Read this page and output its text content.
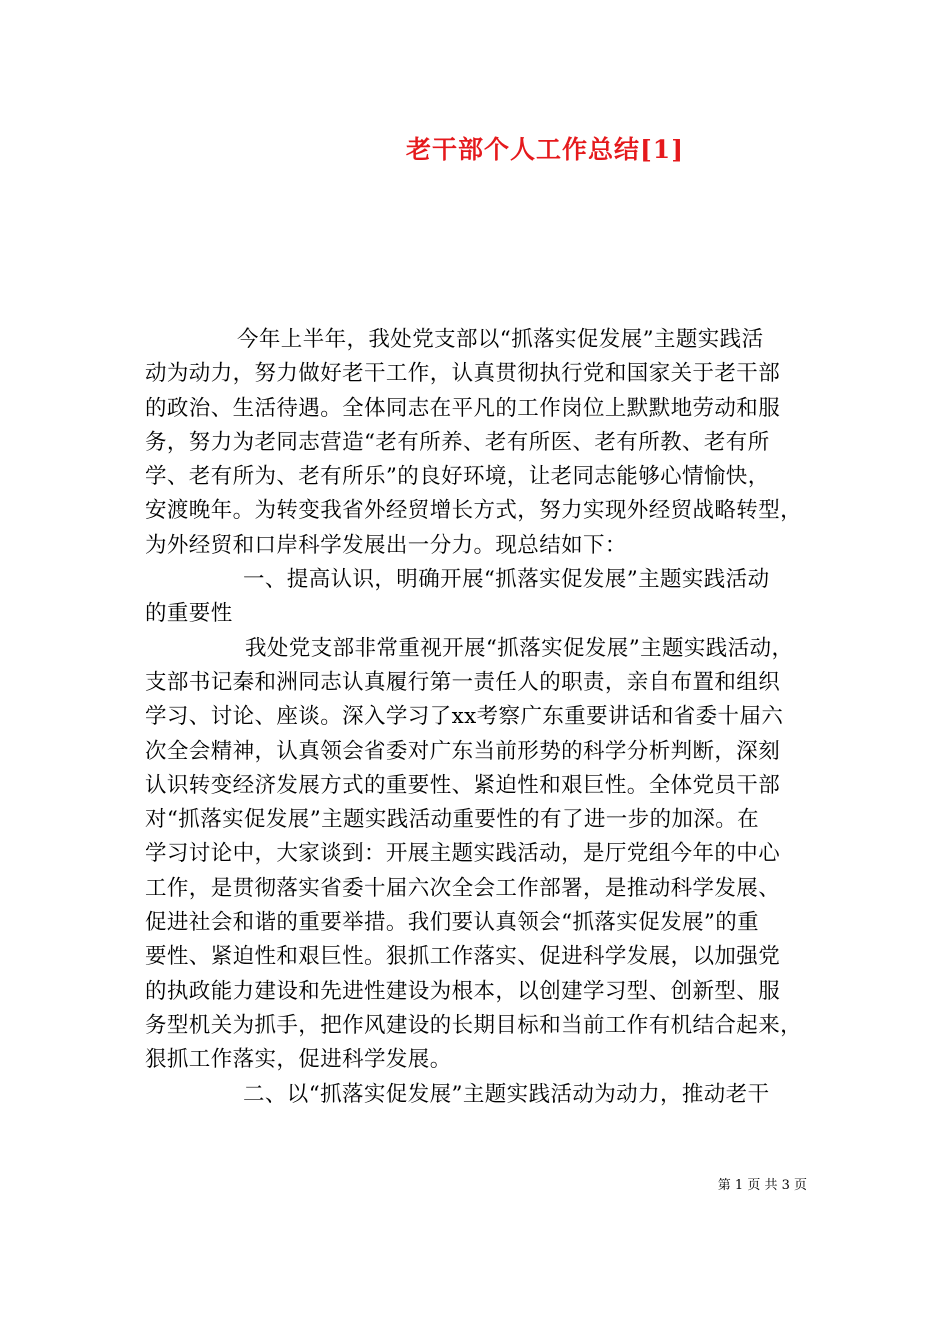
老干部个人工作总结[1]
今年上半年，我处党支部以“抓落实促发展”主题实践活
动为动力，努力做好老干工作，认真贯彻执行党和国家关于老干部
的政治、生活待遇。全体同志在平凡的工作岗位上默默地劳动和服
务，努力为老同志营造“老有所养、老有所医、老有所教、老有所
学、老有所为、老有所乐”的良好环境，让老同志能够心情愉快，
安渡晚年。为转变我省外经贸增长方式，努力实现外经贸战略转型，
为外经贸和口岸科学发展出一分力。现总结如下：
一、提高认识，明确开展“抓落实促发展”主题实践活动
的重要性
我处党支部非常重视开展“抓落实促发展”主题实践活动，
支部书记秦和洲同志认真履行第一责任人的职责，亲自布置和组织
学习、讨论、座谈。深入学习了xx考察广东重要讲话和省委十届六
次全会精神，认真领会省委对广东当前形势的科学分析判断，深刻
认识转变经济发展方式的重要性、紧迫性和艰巨性。全体党员干部
对“抓落实促发展”主题实践活动重要性的有了进一步的加深。在
学习讨论中，大家谈到：开展主题实践活动，是厅党组今年的中心
工作，是贯彻落实省委十届六次全会工作部署，是推动科学发展、
促进社会和谐的重要举措。我们要认真领会“抓落实促发展”的重
要性、紧迫性和艰巨性。狠抓工作落实、促进科学发展，以加强党
的执政能力建设和先进性建设为根本，以创建学习型、创新型、服
务型机关为抓手，把作风建设的长期目标和当前工作有机结合起来，
狠抓工作落实，促进科学发展。
二、以“抓落实促发展”主题实践活动为动力，推动老干
第 1 页 共 3 页
